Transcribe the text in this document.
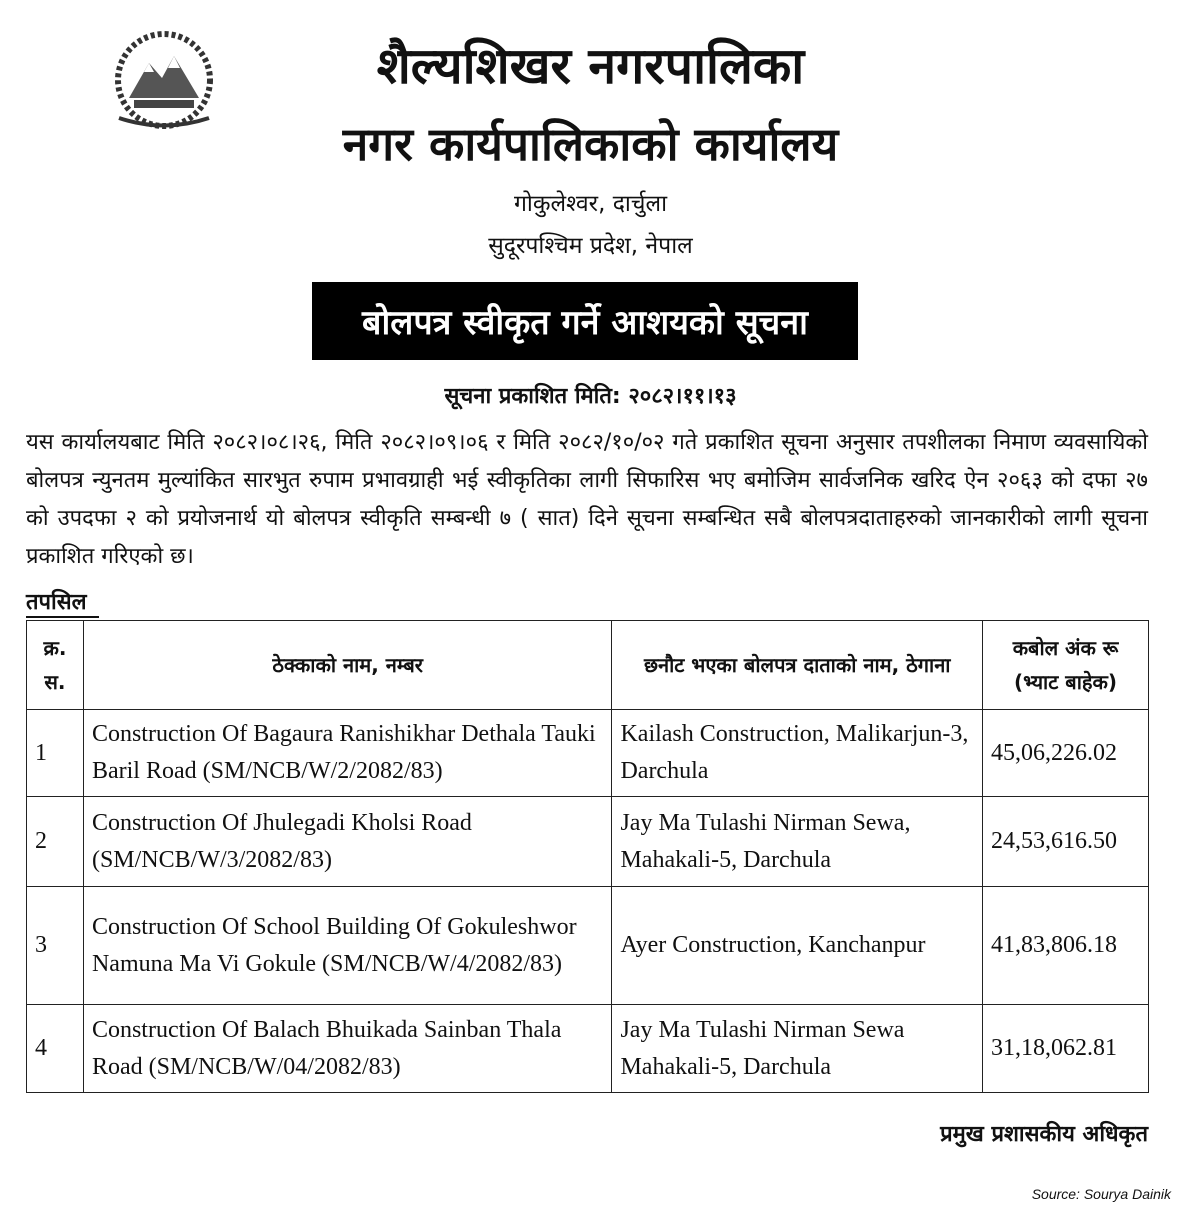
शैल्यशिखर नगरपालिका
नगर कार्यपालिकाको कार्यालय
गोकुलेश्वर, दार्चुला
सुदूरपश्चिम प्रदेश, नेपाल
बोलपत्र स्वीकृत गर्ने आशयको सूचना
सूचना प्रकाशित मिति: २०८२।११।१३
यस कार्यालयबाट मिति २०८२।०८।२६, मिति २०८२।०९।०६ र मिति २०८२/१०/०२ गते प्रकाशित सूचना अनुसार तपशीलका निमाण व्यवसायिको बोलपत्र न्युनतम मुल्यांकित सारभुत रुपाम प्रभावग्राही भई स्वीकृतिका लागी सिफारिस भए बमोजिम सार्वजनिक खरिद ऐन २०६३ को दफा २७ को उपदफा २ को प्रयोजनार्थ यो बोलपत्र स्वीकृति सम्बन्धी ७ ( सात) दिने सूचना सम्बन्धित सबै बोलपत्रदाताहरुको जानकारीको लागी सूचना प्रकाशित गरिएको छ।
तपसिल
क्र. स.	ठेक्काको नाम, नम्बर	छनौट भएका बोलपत्र दाताको नाम, ठेगाना	कबोल अंक रू (भ्याट बाहेक)
1	Construction Of Bagaura Ranishikhar Dethala Tauki Baril Road (SM/NCB/W/2/2082/83)	Kailash Construction, Malikarjun-3, Darchula	45,06,226.02
2	Construction Of Jhulegadi Kholsi Road (SM/NCB/W/3/2082/83)	Jay Ma Tulashi Nirman Sewa, Mahakali-5, Darchula	24,53,616.50
3	Construction Of School Building Of Gokuleshwor Namuna Ma Vi Gokule (SM/NCB/W/4/2082/83)	Ayer Construction, Kanchanpur	41,83,806.18
4	Construction Of Balach Bhuikada Sainban Thala Road (SM/NCB/W/04/2082/83)	Jay Ma Tulashi Nirman Sewa Mahakali-5, Darchula	31,18,062.81
प्रमुख प्रशासकीय अधिकृत
Source: Sourya Dainik
